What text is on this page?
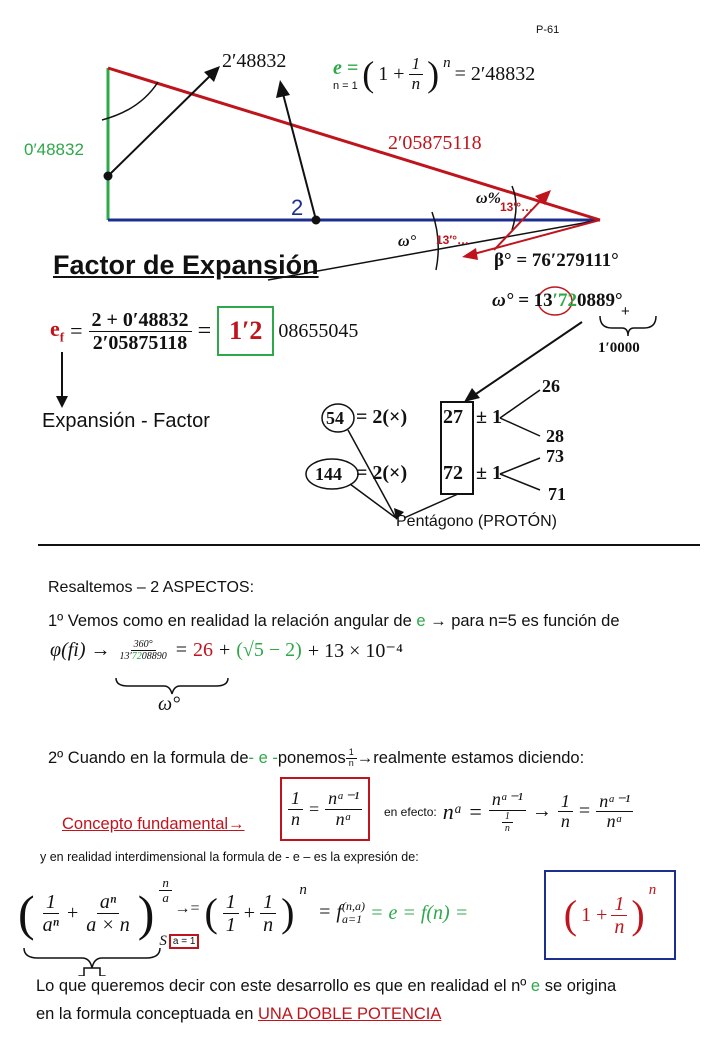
P-61
2′48832 e =
n = 1 ( $1 + \frac{1}{n}$ ) n = 2′48832
0′48832	2′05875118
2	ω% 13′°…
ω° 13′°…
β° = 76′279111°
ω° = 13′720889°
+
1′0000
Factor de Expansión
$e_f = \frac{2 + 0'48832}{2'05875118} = 1'2$ 08655045
Expansión - Factor	54 = 2(×) 27 ± 1
26
28
144 = 2(×) 72 ± 1
73
71
Pentágono (PROTÓN)
Resaltemos – 2 ASPECTOS:
1º Vemos como en realidad la relación angular de e → para n=5 es función de
$\varphi(fi) \to \frac{360^\circ}{13'7208890} = 26 + (√5 - 2) + 13 \times 10^{-4}$
ω°
2º Cuando en la formula de - e - ponemos $\frac{1}{n}$ →realmente estamos diciendo:
Concepto fundamental→ $\frac{1}{n} = \frac{\text{nᵃ⁻¹}}{\text{nᵃ}}$ en efecto: nᵃ = $\frac{\text{nᵃ⁻¹}}{\frac{1}{n}} \to \frac{1}{n} = \frac{\text{nᵃ⁻¹}}{\text{nᵃ}}$
y en realidad interdimensional la formula de - e – es la expresión de:
( $\frac{1}{\text{aⁿ}} + \frac{\text{aⁿ}}{a \times n}$ ) $\frac{n}{a}$
S a = 1
→= ( $\frac{1}{1} + \frac{1}{n}$ ) n
= f (n,a)
a=1 = e = f(n) = ( $1 + \frac{1}{n}$ )
n
Lo que queremos decir con este desarrollo es que en realidad el nº e se origina
en la formula conceptuada en UNA DOBLE POTENCIA
